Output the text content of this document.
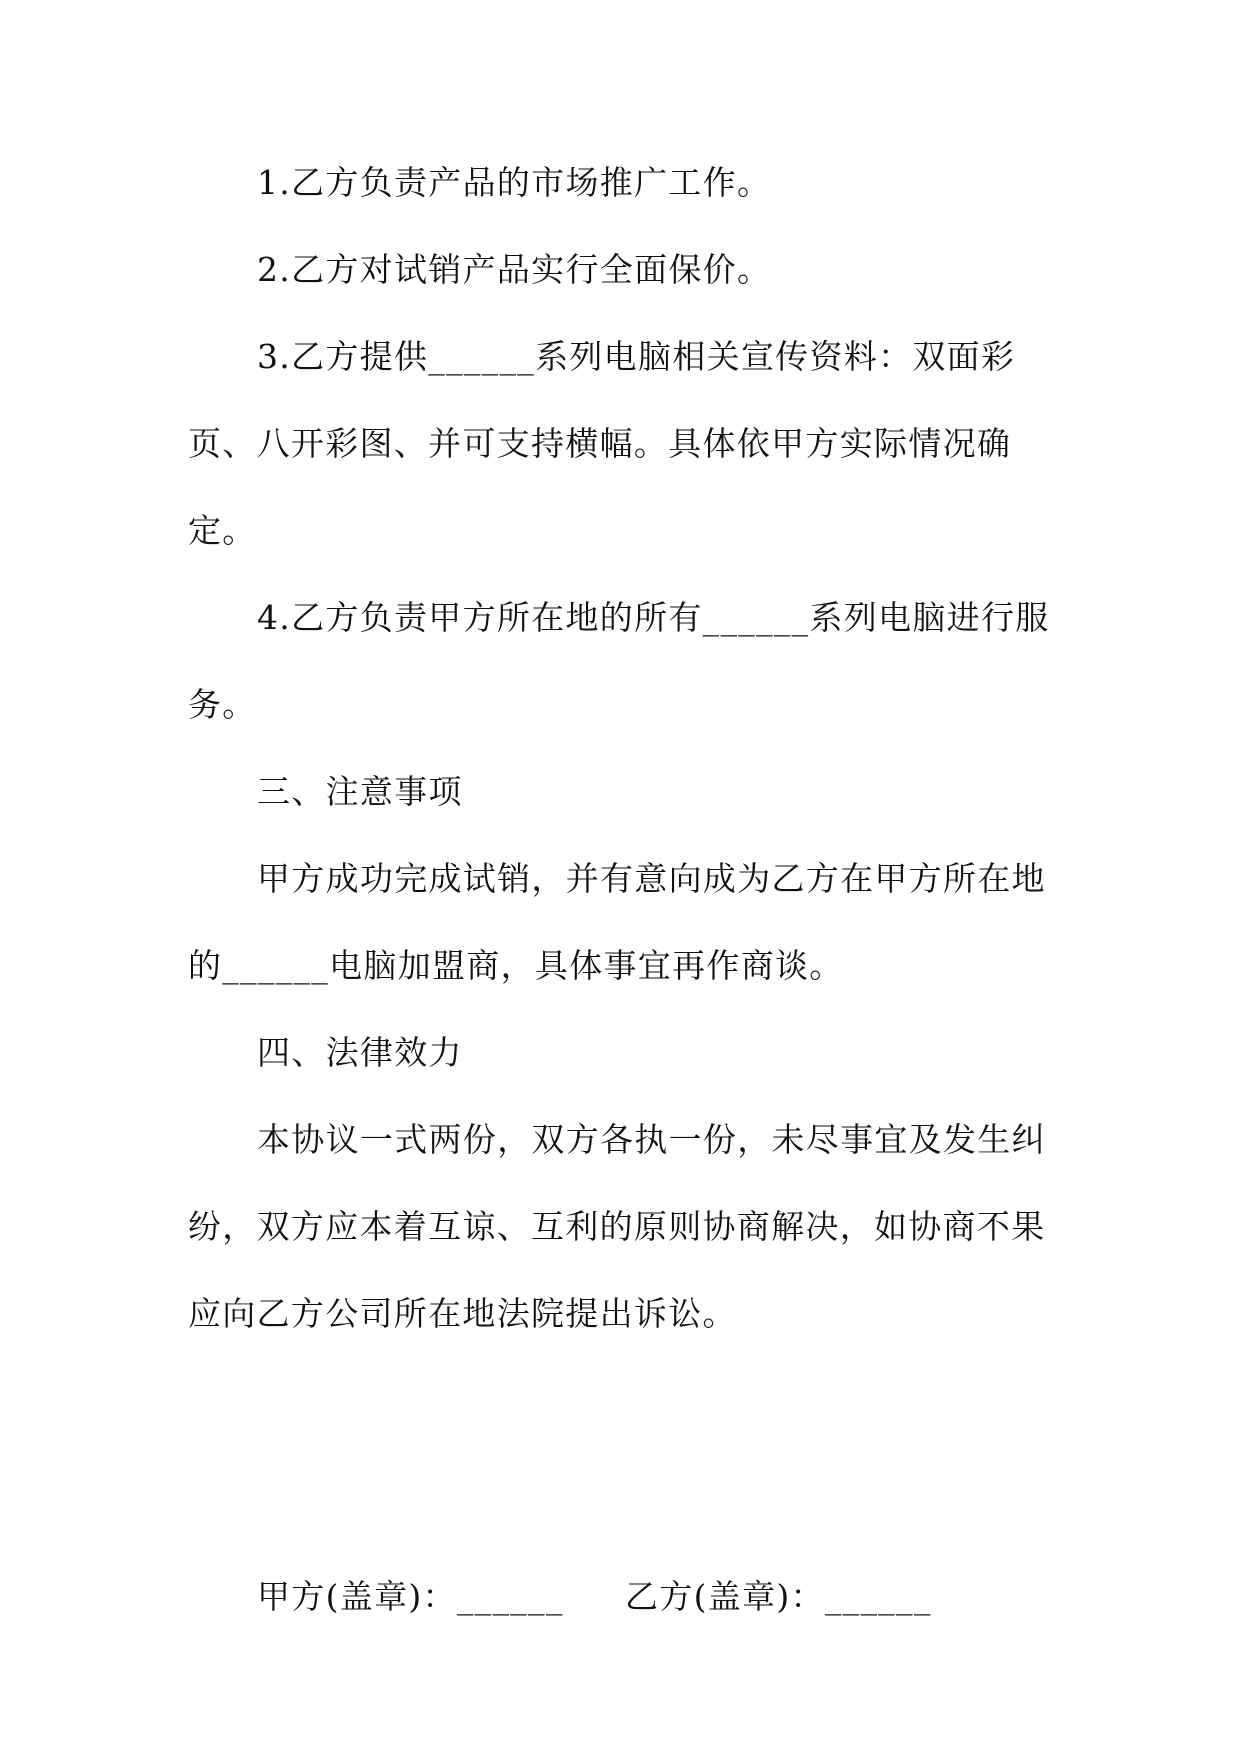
1.乙方负责产品的市场推广工作。
2.乙方对试销产品实行全面保价。
3.乙方提供______系列电脑相关宣传资料：双面彩
页、八开彩图、并可支持横幅。具体依甲方实际情况确
定。
4.乙方负责甲方所在地的所有______系列电脑进行服
务。
三、注意事项
甲方成功完成试销，并有意向成为乙方在甲方所在地
的______电脑加盟商，具体事宜再作商谈。
四、法律效力
本协议一式两份，双方各执一份，未尽事宜及发生纠
纷，双方应本着互谅、互利的原则协商解决，如协商不果
应向乙方公司所在地法院提出诉讼。
甲方(盖章)：______ 乙方(盖章)：______
